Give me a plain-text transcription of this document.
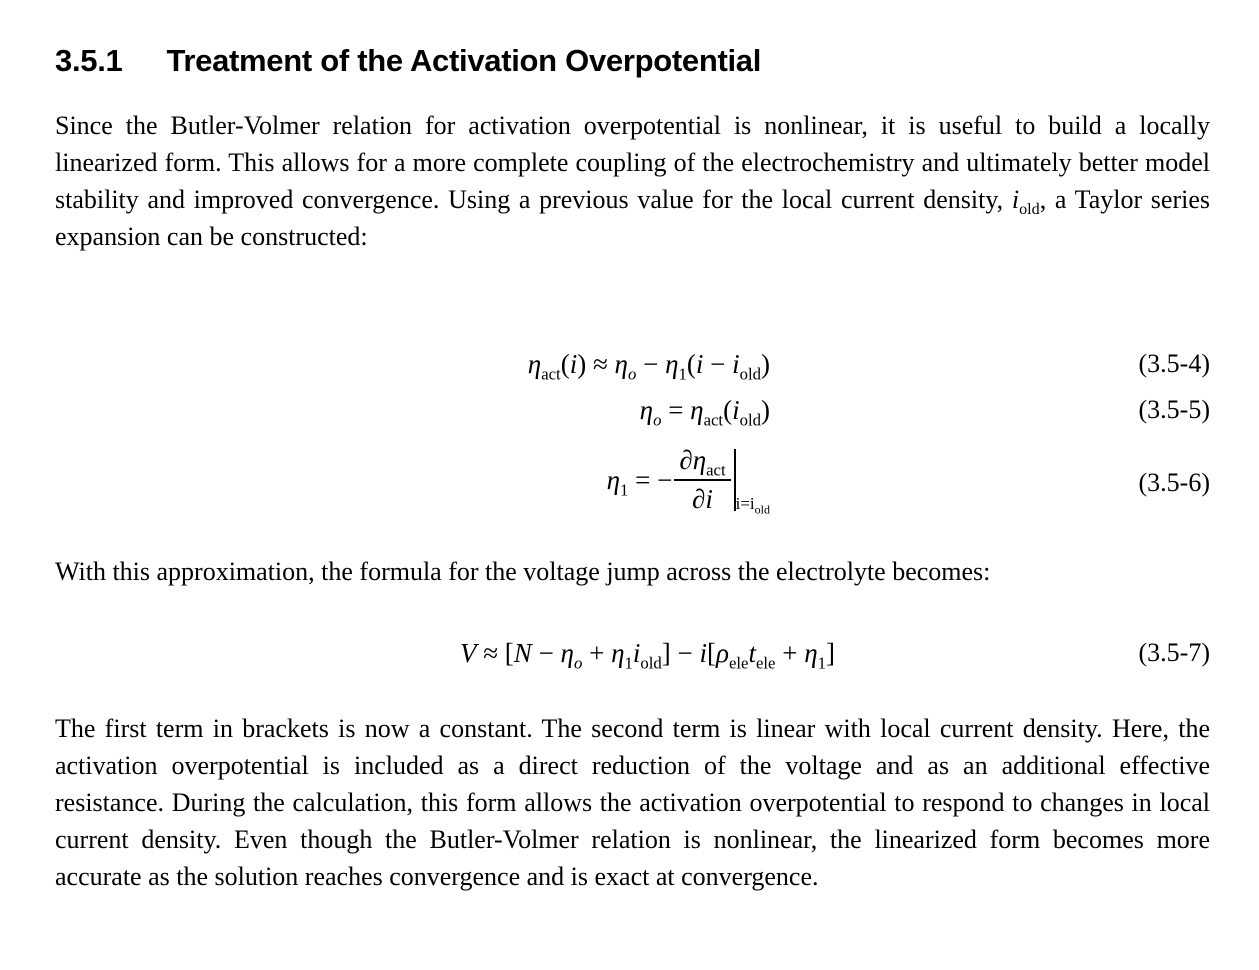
3.5.1 Treatment of the Activation Overpotential

Since the Butler-Volmer relation for activation overpotential is nonlinear, it is useful to build a locally linearized form. This allows for a more complete coupling of the electrochemistry and ultimately better model stability and improved convergence. Using a previous value for the local current density, $i_{old}$, a Taylor series expansion can be constructed:

$\eta_{act}(i) \approx \eta_o - \eta_1(i - i_{old})$	(3.5-4)
$\eta_o = \eta_{act}(i_{old})$	(3.5-5)
$\eta_1$ = − $\frac{\partial\eta_{act}}{\partial i} _{i=i_{old}}$
(3.5-6)

With this approximation, the formula for the voltage jump across the electrolyte becomes:

$V \approx [N - \eta_o + \eta_1i_{old}] - i[\rho_{ele}t_{ele} + \eta_1]$	(3.5-7)

The first term in brackets is now a constant. The second term is linear with local current density. Here, the activation overpotential is included as a direct reduction of the voltage and as an additional effective resistance. During the calculation, this form allows the activation overpotential to respond to changes in local current density. Even though the Butler-Volmer relation is nonlinear, the linearized form becomes more accurate as the solution reaches convergence and is exact at convergence.
